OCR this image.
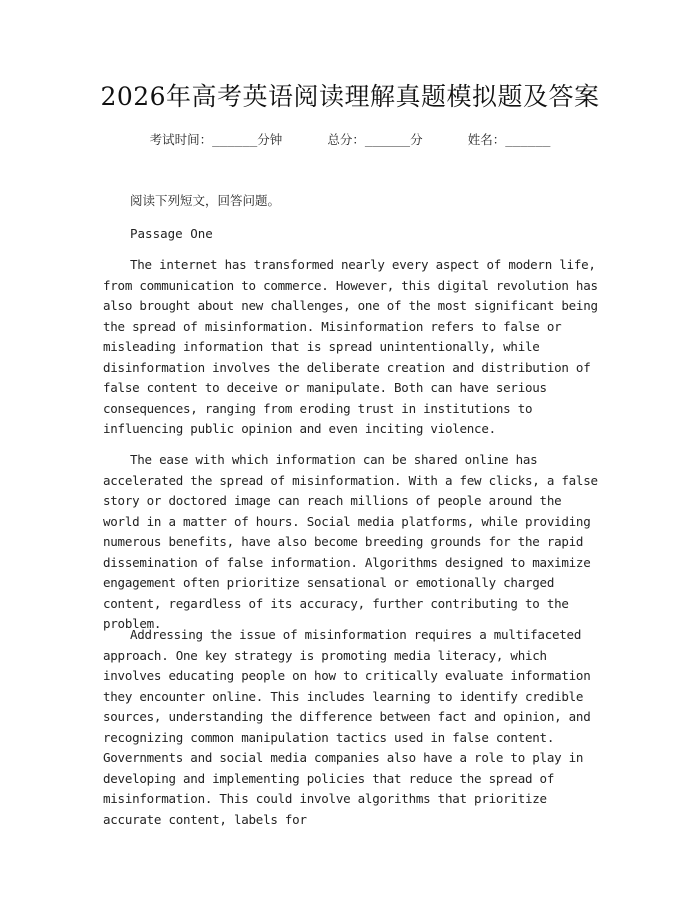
2026年高考英语阅读理解真题模拟题及答案
考试时间：______分钟	总分：______分	姓名：______
阅读下列短文，回答问题。
Passage One

The internet has transformed nearly every aspect of modern life, from communication to commerce. However, this digital revolution has also brought about new challenges, one of the most significant being the spread of misinformation. Misinformation refers to false or misleading information that is spread unintentionally, while disinformation involves the deliberate creation and distribution of false content to deceive or manipulate. Both can have serious consequences, ranging from eroding trust in institutions to influencing public opinion and even inciting violence.

The ease with which information can be shared online has accelerated the spread of misinformation. With a few clicks, a false story or doctored image can reach millions of people around the world in a matter of hours. Social media platforms, while providing numerous benefits, have also become breeding grounds for the rapid dissemination of false information. Algorithms designed to maximize engagement often prioritize sensational or emotionally charged content, regardless of its accuracy, further contributing to the problem.

Addressing the issue of misinformation requires a multifaceted approach. One key strategy is promoting media literacy, which involves educating people on how to critically evaluate information they encounter online. This includes learning to identify credible sources, understanding the difference between fact and opinion, and recognizing common manipulation tactics used in false content. Governments and social media companies also have a role to play in developing and implementing policies that reduce the spread of misinformation. This could involve algorithms that prioritize accurate content, labels for
